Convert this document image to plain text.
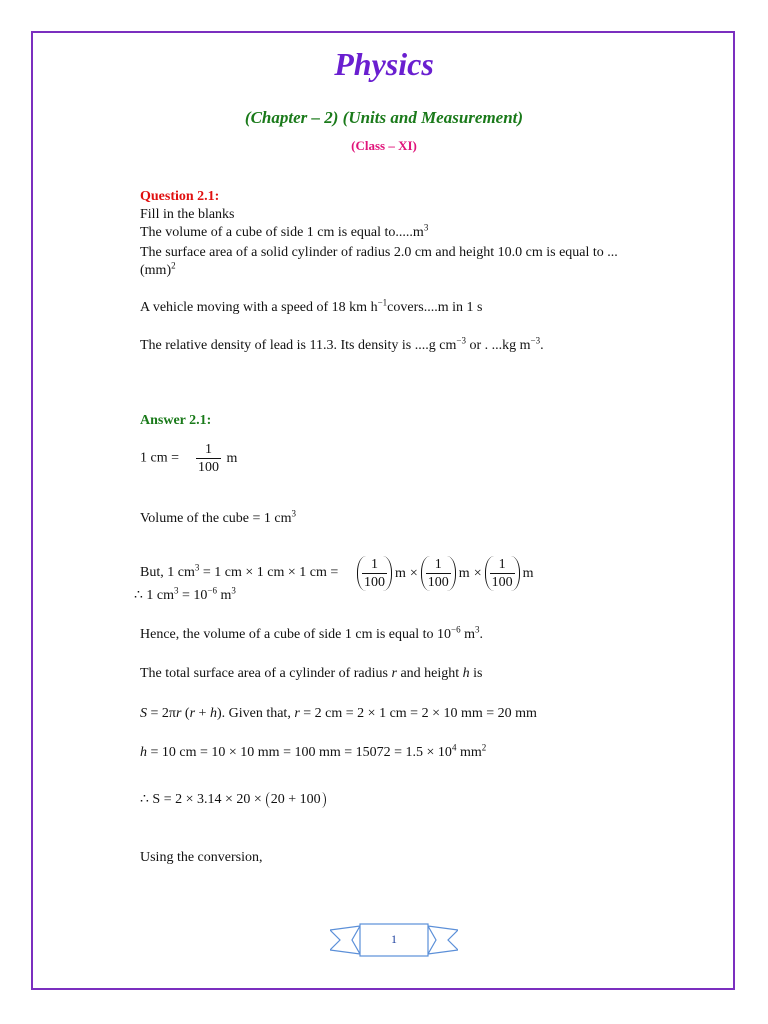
Physics
(Chapter – 2) (Units and Measurement)
(Class – XI)
Question 2.1:
Fill in the blanks
The volume of a cube of side 1 cm is equal $to.....m^3$
The surface area of a solid cylinder of radius 2.0 cm and height 10.0 cm is equal to ...
(mm)$^2$
A vehicle moving with a speed of 18 km $h^{-1}covers....m$ in 1 s
The relative density of lead is 11.3. Its density is ....g $cm^{-3}$ or . ...kg $m^{-3}$.
Answer 2.1:
1 cm = $\frac{1}{100}$ m
Volume of the cube = 1 $cm^3$
But, 1 $cm^3 = 1$ cm × 1 cm × 1 cm = $\frac{1}{100}$ $m \times \frac{1}{100}$ $m \times \frac{1}{100}$ m
∴ 1 $cm^3 = 10^{-6}$ $m^3$
Hence, the volume of a cube of side 1 cm is equal to $10^{-6}$ $m^3$.
The total surface area of a cylinder of radius r and height h is
S = 2πr (r + h). Given that, r = 2 cm = 2 × 1 cm = 2 × 10 mm = 20 mm
h = 10 cm = 10 × 10 mm = 100 mm = $15072 = 1.5 \times 10^4$ $mm^2$
∴ S = 2 × 3.14 × 20 × 20 + 100
Using the conversion,
1
